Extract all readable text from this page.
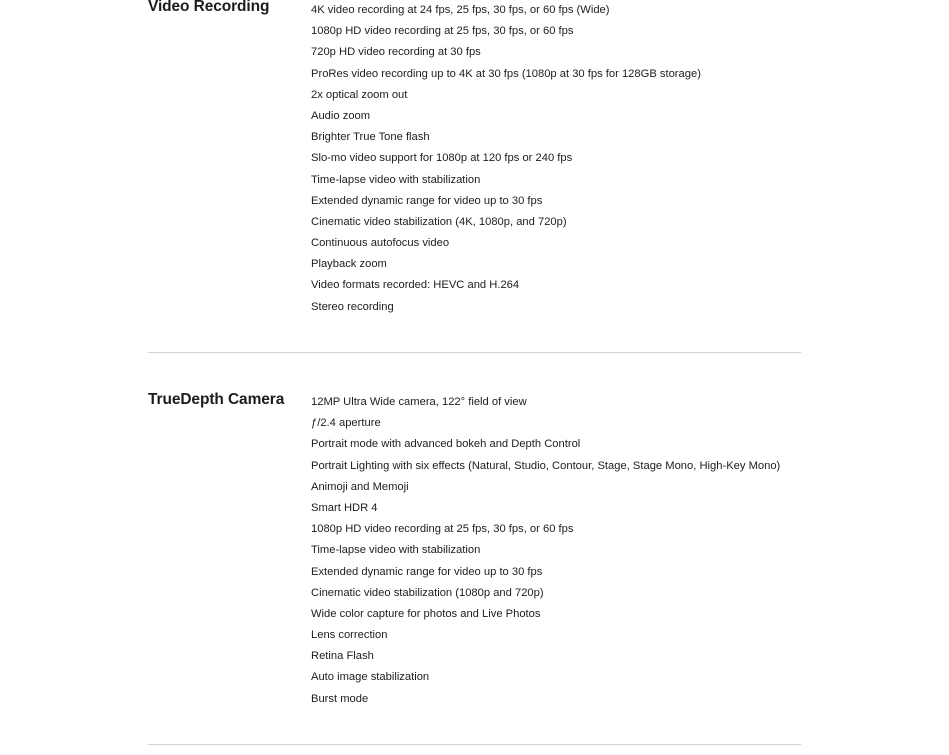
Video Recording	4K video recording at 24 fps, 25 fps, 30 fps, or 60 fps (Wide)
1080p HD video recording at 25 fps, 30 fps, or 60 fps
720p HD video recording at 30 fps
ProRes video recording up to 4K at 30 fps (1080p at 30 fps for 128GB storage)
2x optical zoom out
Audio zoom
Brighter True Tone flash
Slo-mo video support for 1080p at 120 fps or 240 fps
Time-lapse video with stabilization
Extended dynamic range for video up to 30 fps
Cinematic video stabilization (4K, 1080p, and 720p)
Continuous autofocus video
Playback zoom
Video formats recorded: HEVC and H.264
Stereo recording
TrueDepth Camera 12MP Ultra Wide camera, 122° field of view
ƒ/2.4 aperture
Portrait mode with advanced bokeh and Depth Control
Portrait Lighting with six effects (Natural, Studio, Contour, Stage, Stage Mono, High‑Key Mono)
Animoji and Memoji
Smart HDR 4
1080p HD video recording at 25 fps, 30 fps, or 60 fps
Time-lapse video with stabilization
Extended dynamic range for video up to 30 fps
Cinematic video stabilization (1080p and 720p)
Wide color capture for photos and Live Photos
Lens correction
Retina Flash
Auto image stabilization
Burst mode
